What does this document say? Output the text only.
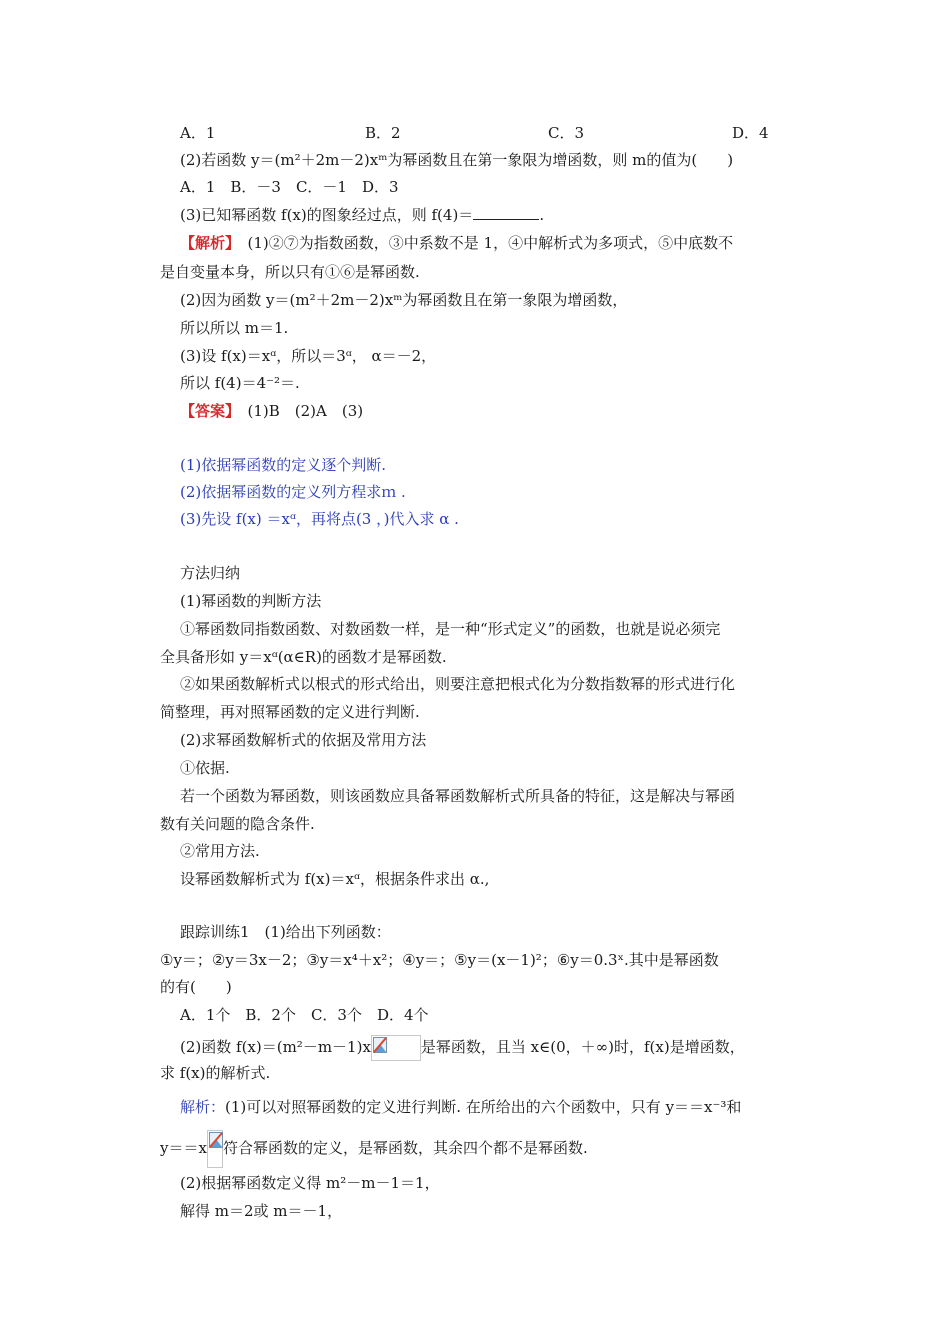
A．1	B．2	C．3	D．4
(2)若函数 y＝(m²＋2m－2)xᵐ为幂函数且在第一象限为增函数，则 m的值为(　　)
A．1　B．－3　C．－1　D．3
(3)已知幂函数 f(x)的图象经过点，则 f(4)＝	.
【解析】　(1)②⑦为指数函数，③中系数不是 1，④中解析式为多项式，⑤中底数不
是自变量本身，所以只有①⑥是幂函数.
(2)因为函数 y＝(m²＋2m－2)xᵐ为幂函数且在第一象限为增函数，
所以所以 m＝1.
(3)设 f(x)＝xᵅ，所以＝3ᵅ， α＝－2，
所以 f(4)＝4⁻²＝.
【答案】　(1)B　(2)A　(3)
(1)依据幂函数的定义逐个判断.
(2)依据幂函数的定义列方程求ｍ .
(3)先设 f(x) ＝xᵅ，再将点(3 ，)代入求 α .
方法归纳
(1)幂函数的判断方法
①幂函数同指数函数、对数函数一样，是一种“形式定义”的函数，也就是说必须完
全具备形如 y＝xᵅ(α∈R)的函数才是幂函数.
②如果函数解析式以根式的形式给出，则要注意把根式化为分数指数幂的形式进行化
简整理，再对照幂函数的定义进行判断.
(2)求幂函数解析式的依据及常用方法
①依据.
若一个函数为幂函数，则该函数应具备幂函数解析式所具备的特征，这是解决与幂函
数有关问题的隐含条件.
②常用方法.
设幂函数解析式为 f(x)＝xᵅ，根据条件求出 α.,
跟踪训练1　(1)给出下列函数：
①y＝；②y＝3x－2；③y＝x⁴＋x²；④y＝；⑤y＝(x－1)²；⑥y＝0.3ˣ.其中是幂函数
的有(　　)
A．1个　B．2个　C．3个　D．4个
(2)函数 f(x)＝(m²－m－1)x	是幂函数，且当 x∈(0，＋∞)时，f(x)是增函数，
求 f(x)的解析式.
解析：(1)可以对照幂函数的定义进行判断. 在所给出的六个函数中，只有 y＝＝x⁻³和
y＝＝x 符合幂函数的定义，是幂函数，其余四个都不是幂函数.
(2)根据幂函数定义得 m²－m－1＝1，
解得 m＝2或 m＝－1，
